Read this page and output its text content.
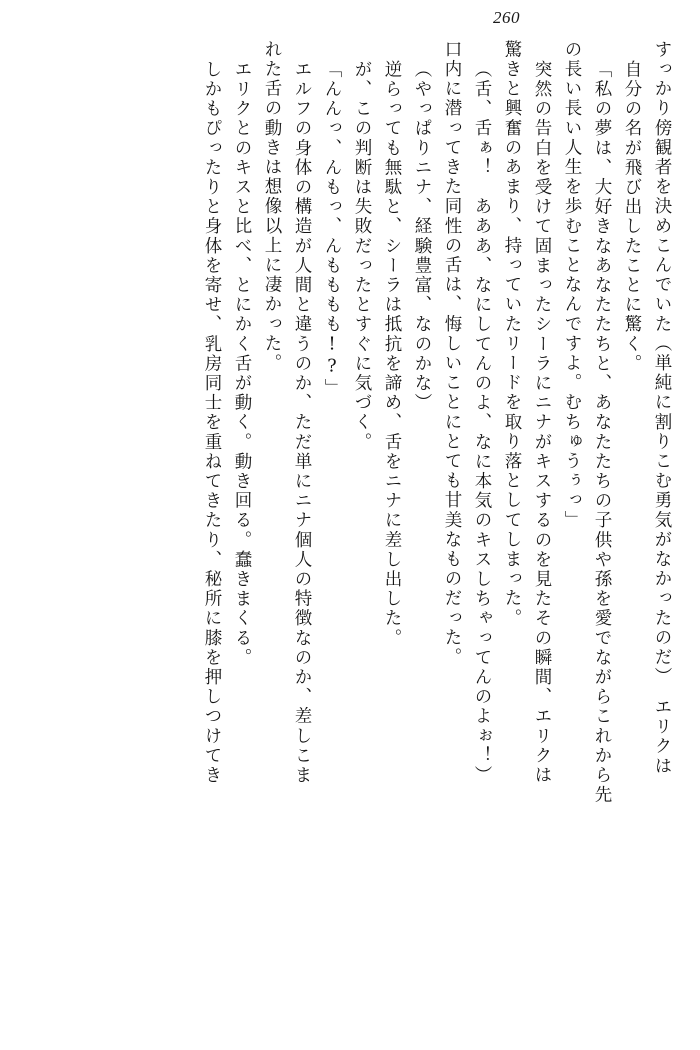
260
すっかり傍観者を決めこんでいた（単純に割りこむ勇気がなかったのだ）　エリクは
自分の名が飛び出したことに驚く。
「私の夢は、大好きなあなたたちと、あなたたちの子供や孫を愛でながらこれから先
の長い長い人生を歩むことなんですよ。むちゅうぅっ」
突然の告白を受けて固まったシーラにニナがキスするのを見たその瞬間、エリクは
驚きと興奮のあまり、持っていたリードを取り落としてしまった。
（舌、舌ぁ！　あああ、なにしてんのよ、なに本気のキスしちゃってんのよぉ！）
口内に潜ってきた同性の舌は、悔しいことにとても甘美なものだった。
（やっぱりニナ、経験豊富、なのかな）
逆らっても無駄と、シーラは抵抗を諦め、舌をニナに差し出した。
が、この判断は失敗だったとすぐに気づく。
「んんっ、んもっ、んもももも!?」
エルフの身体の構造が人間と違うのか、ただ単にニナ個人の特徴なのか、差しこま
れた舌の動きは想像以上に凄かった。
エリクとのキスと比べ、とにかく舌が動く。動き回る。蠢きまくる。
しかもぴったりと身体を寄せ、乳房同士を重ねてきたり、秘所に膝を押しつけてき
